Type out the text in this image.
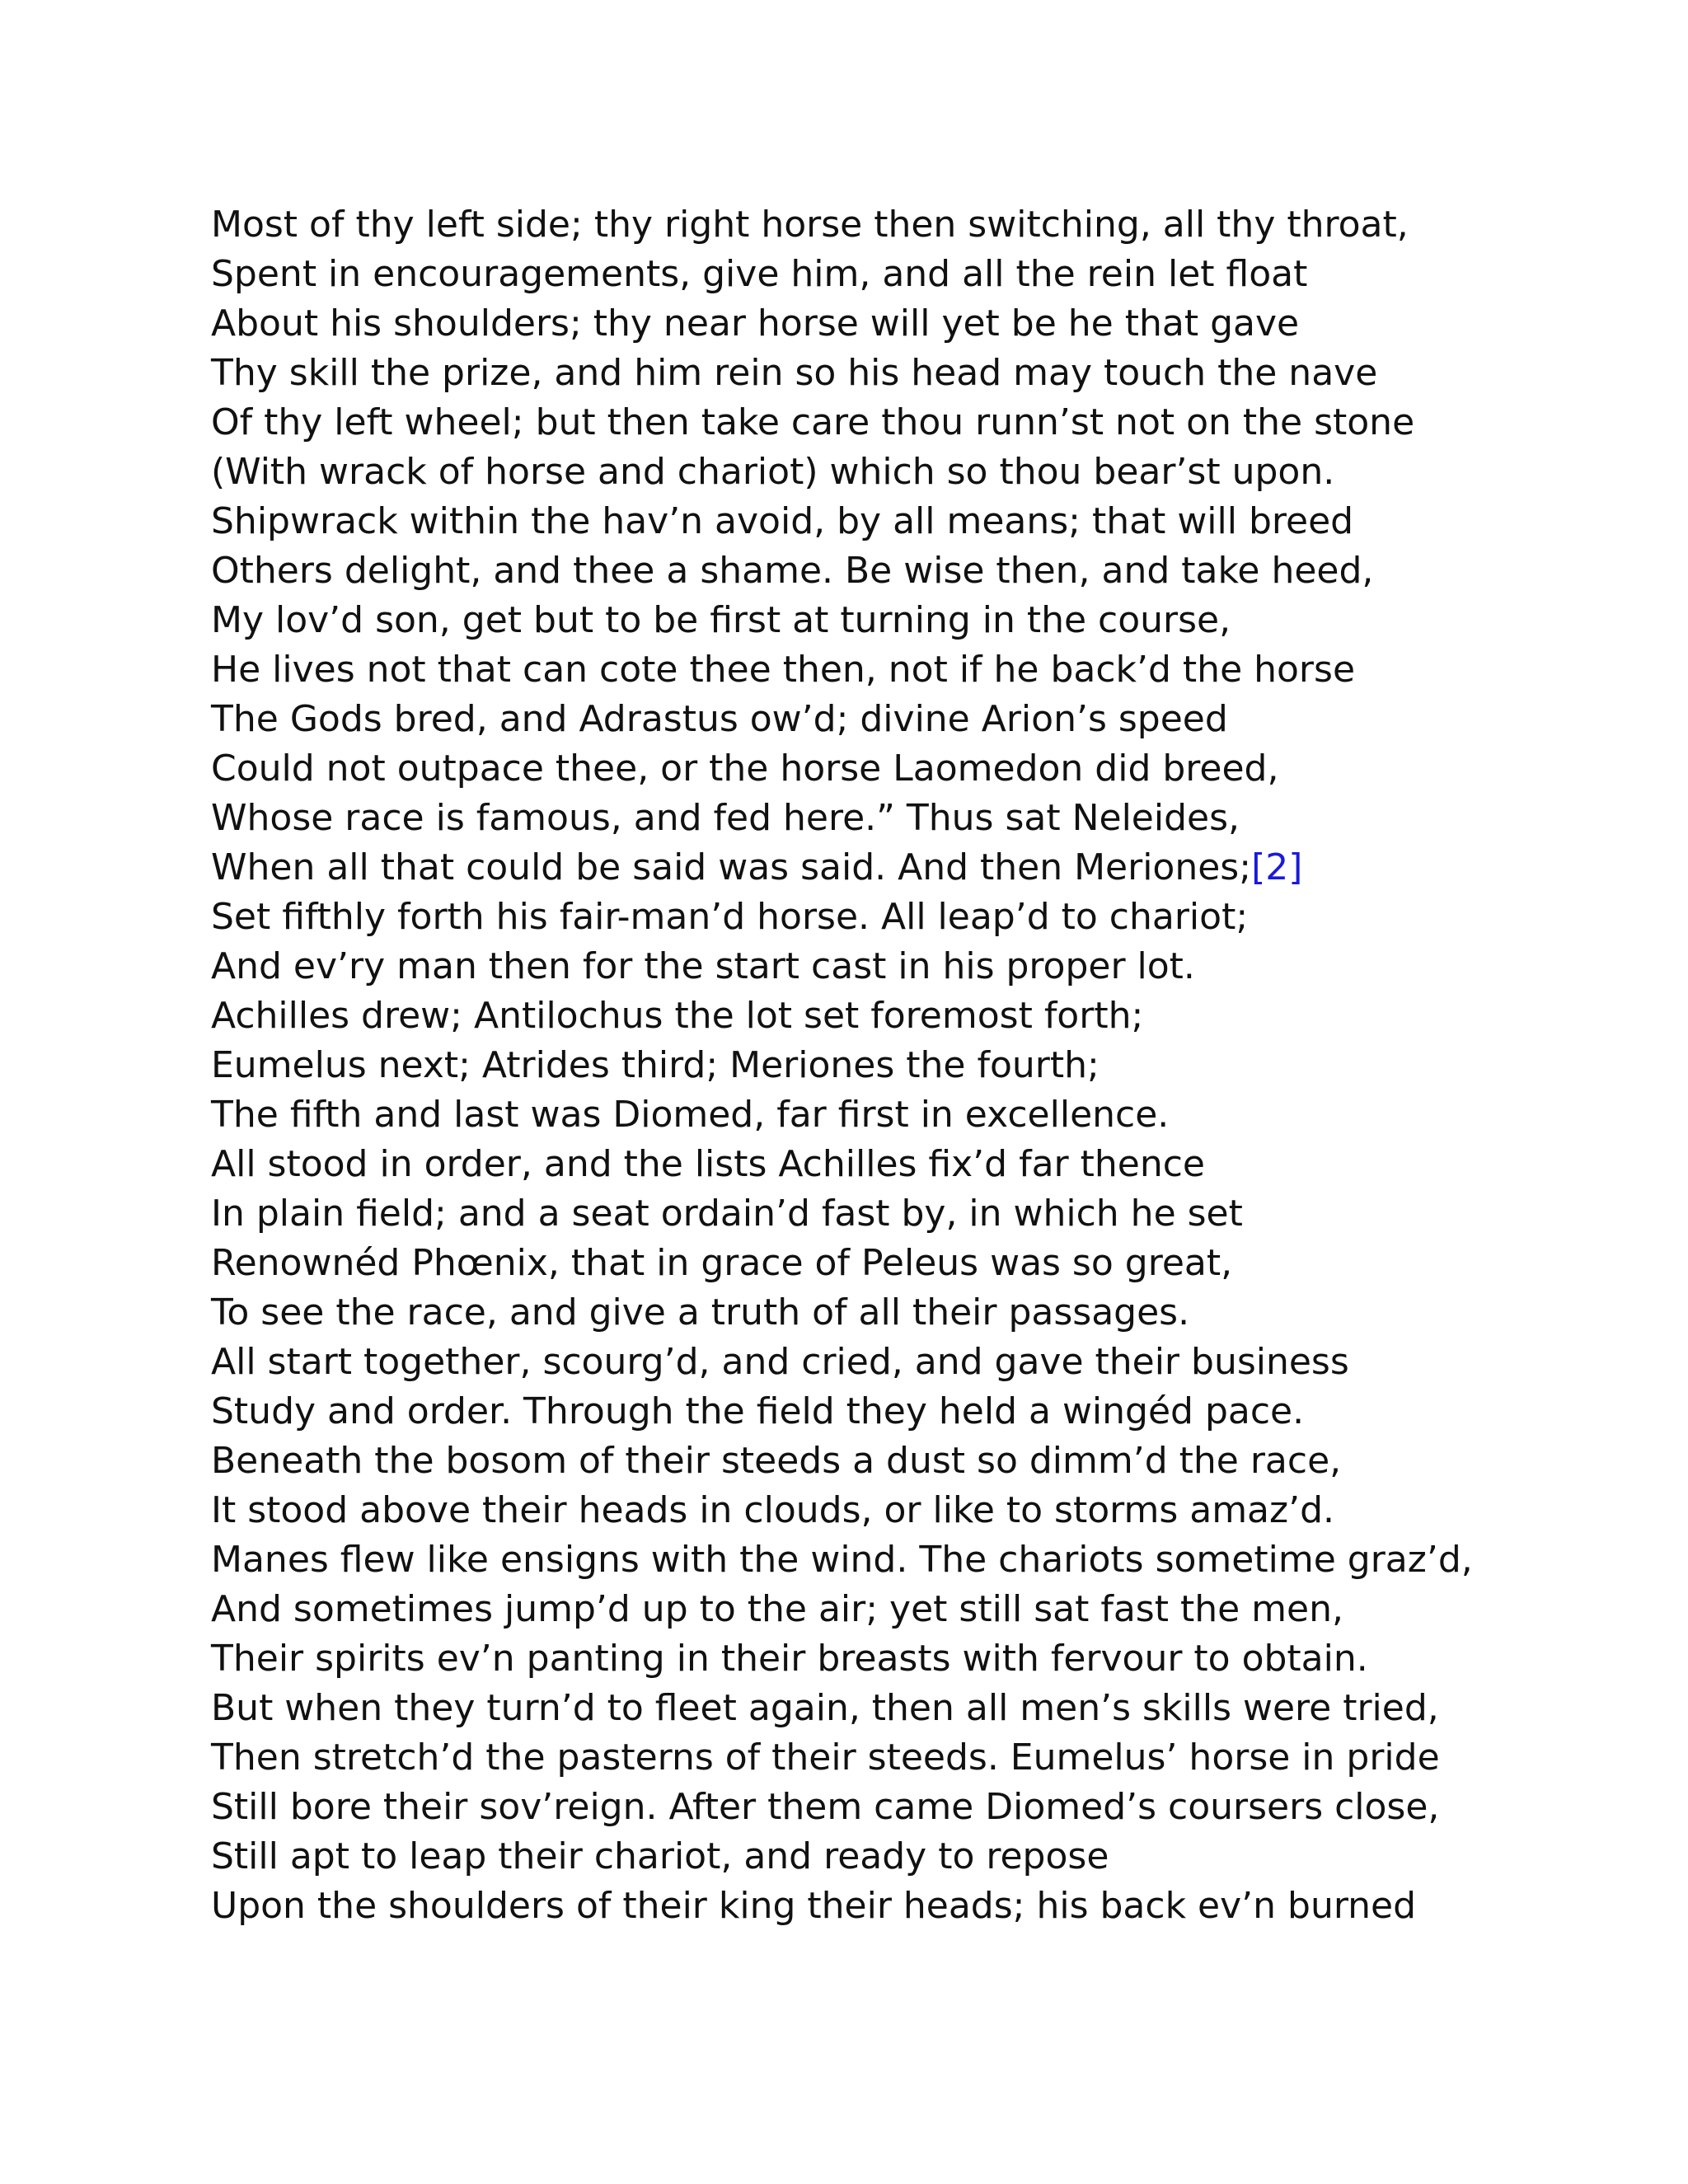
Most of thy left side; thy right horse then switching, all thy throat,
Spent in encouragements, give him, and all the rein let float
About his shoulders; thy near horse will yet be he that gave
Thy skill the prize, and him rein so his head may touch the nave
Of thy left wheel; but then take care thou runn’st not on the stone
(With wrack of horse and chariot) which so thou bear’st upon.
Shipwrack within the hav’n avoid, by all means; that will breed
Others delight, and thee a shame. Be wise then, and take heed,
My lov’d son, get but to be first at turning in the course,
He lives not that can cote thee then, not if he back’d the horse
The Gods bred, and Adrastus ow’d; divine Arion’s speed
Could not outpace thee, or the horse Laomedon did breed,
Whose race is famous, and fed here.” Thus sat Neleides,
When all that could be said was said. And then Meriones;[2]
Set fifthly forth his fair-man’d horse. All leap’d to chariot;
And ev’ry man then for the start cast in his proper lot.
Achilles drew; Antilochus the lot set foremost forth;
Eumelus next; Atrides third; Meriones the fourth;
The fifth and last was Diomed, far first in excellence.
All stood in order, and the lists Achilles fix’d far thence
In plain field; and a seat ordain’d fast by, in which he set
Renownéd Phœnix, that in grace of Peleus was so great,
To see the race, and give a truth of all their passages.
All start together, scourg’d, and cried, and gave their business
Study and order. Through the field they held a wingéd pace.
Beneath the bosom of their steeds a dust so dimm’d the race,
It stood above their heads in clouds, or like to storms amaz’d.
Manes flew like ensigns with the wind. The chariots sometime graz’d,
And sometimes jump’d up to the air; yet still sat fast the men,
Their spirits ev’n panting in their breasts with fervour to obtain.
But when they turn’d to fleet again, then all men’s skills were tried,
Then stretch’d the pasterns of their steeds. Eumelus’ horse in pride
Still bore their sov’reign. After them came Diomed’s coursers close,
Still apt to leap their chariot, and ready to repose
Upon the shoulders of their king their heads; his back ev’n burned
